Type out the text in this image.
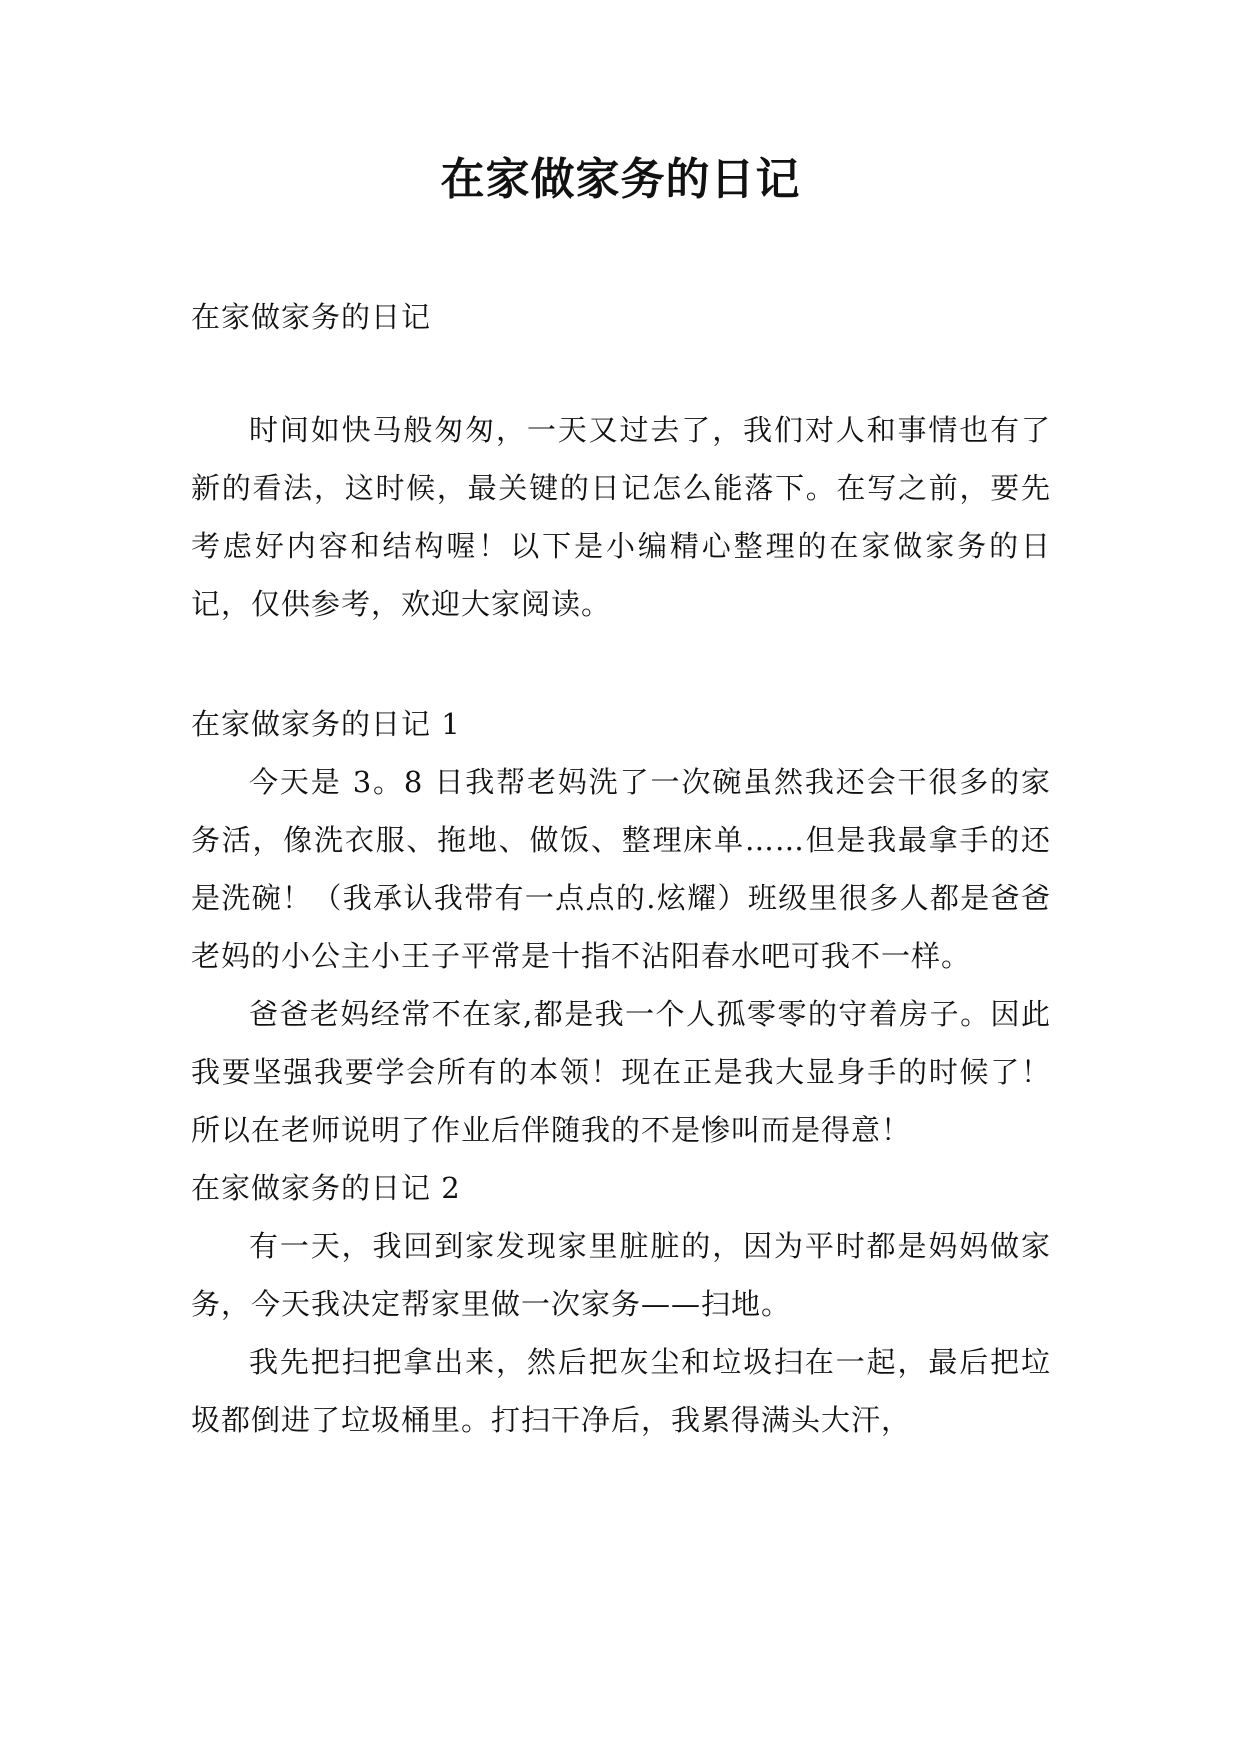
在家做家务的日记

在家做家务的日记

时间如快马般匆匆，一天又过去了，我们对人和事情也有了新的看法，这时候，最关键的日记怎么能落下。在写之前，要先考虑好内容和结构喔！以下是小编精心整理的在家做家务的日记，仅供参考，欢迎大家阅读。

在家做家务的日记 1

今天是 3。8 日我帮老妈洗了一次碗虽然我还会干很多的家务活，像洗衣服、拖地、做饭、整理床单……但是我最拿手的还是洗碗！（我承认我带有一点点的.炫耀）班级里很多人都是爸爸老妈的小公主小王子平常是十指不沾阳春水吧可我不一样。

爸爸老妈经常不在家,都是我一个人孤零零的守着房子。因此我要坚强我要学会所有的本领！现在正是我大显身手的时候了！所以在老师说明了作业后伴随我的不是惨叫而是得意！

在家做家务的日记 2

有一天，我回到家发现家里脏脏的，因为平时都是妈妈做家务，今天我决定帮家里做一次家务——扫地。

我先把扫把拿出来，然后把灰尘和垃圾扫在一起，最后把垃圾都倒进了垃圾桶里。打扫干净后，我累得满头大汗，
